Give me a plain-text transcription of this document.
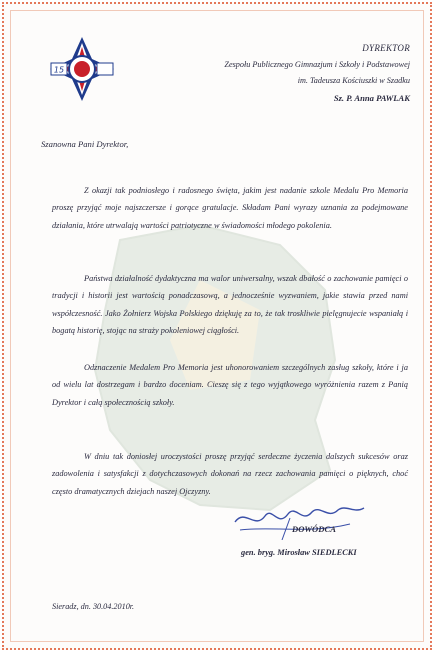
15
DYREKTOR
Zespołu Publicznego Gimnazjum i Szkoły i Podstawowej
im. Tadeusza Kościuszki w Szadku
Sz. P. Anna PAWLAK
Szanowna Pani Dyrektor,

Z okazji tak podniosłego i radosnego święta, jakim jest nadanie szkole Medalu Pro Memoria proszę przyjąć moje najszczersze i gorące gratulacje. Składam Pani wyrazy uznania za podejmowane działania, które utrwalają wartości patriotyczne w świadomości młodego pokolenia.

Państwa działalność dydaktyczna ma walor uniwersalny, wszak dbałość o zachowanie pamięci o tradycji i historii jest wartością ponadczasową, a jednocześnie wyzwaniem, jakie stawia przed nami współczesność. Jako Żołnierz Wojska Polskiego dziękuję za to, że tak troskliwie pielęgnujecie wspaniałą i bogatą historię, stojąc na straży pokoleniowej ciągłości.

Odznaczenie Medalem Pro Memoria jest uhonorowaniem szczególnych zasług szkoły, które i ja od wielu lat dostrzegam i bardzo doceniam. Cieszę się z tego wyjątkowego wyróżnienia razem z Panią Dyrektor i całą społecznością szkoły.

W dniu tak doniosłej uroczystości proszę przyjąć serdeczne życzenia dalszych sukcesów oraz zadowolenia i satysfakcji z dotychczasowych dokonań na rzecz zachowania pamięci o pięknych, choć często dramatycznych dziejach naszej Ojczyzny.

DOWÓDCA
gen. bryg. Mirosław SIEDLECKI
Sieradz, dn. 30.04.2010r.
